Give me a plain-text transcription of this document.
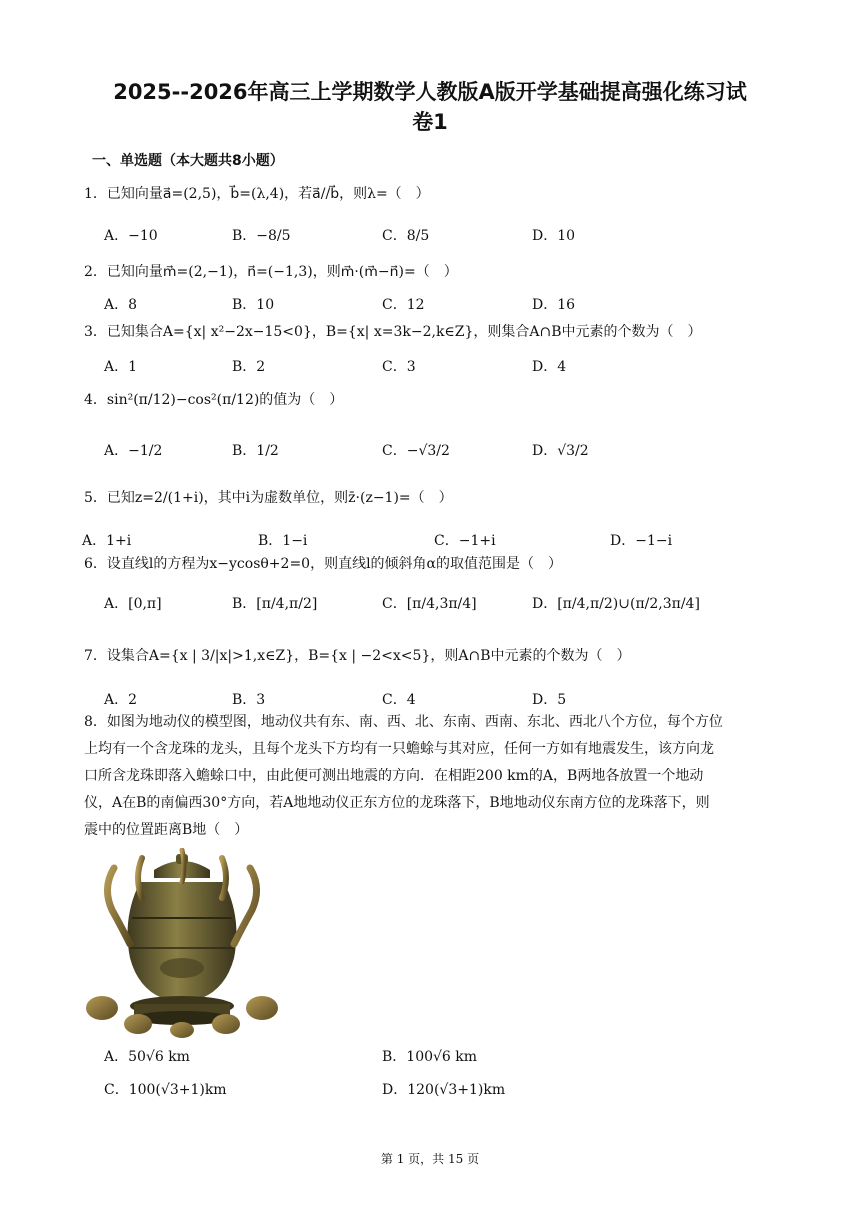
2025--2026年高三上学期数学人教版A版开学基础提高强化练习试
卷1
一、单选题（本大题共8小题）
1．已知向量a⃗=(2,5)，b⃗=(λ,4)，若a⃗//b⃗，则λ=（　）
A．−10	B．−8/5	C．8/5	D．10
2．已知向量m⃗=(2,−1)，n⃗=(−1,3)，则m⃗·(m⃗−n⃗)=（　）
A．8	B．10	C．12	D．16
3．已知集合A={x| x²−2x−15<0}，B={x| x=3k−2,k∈Z}，则集合A∩B中元素的个数为（　）
A．1	B．2	C．3	D．4
4．sin²(π/12)−cos²(π/12)的值为（　）
A．−1/2	B．1/2	C．−√3/2	D．√3/2
5．已知z=2/(1+i)，其中i为虚数单位，则z̄·(z−1)=（　）
A．1+i	B．1−i	C．−1+i	D．−1−i
6．设直线l的方程为x−ycosθ+2=0，则直线l的倾斜角α的取值范围是（　）
A．[0,π]	B．[π/4,π/2]	C．[π/4,3π/4]	D．[π/4,π/2)∪(π/2,3π/4]
7．设集合A={x | 3/|x|>1,x∈Z}，B={x | −2<x<5}，则A∩B中元素的个数为（　）
A．2	B．3	C．4	D．5
8．如图为地动仪的模型图，地动仪共有东、南、西、北、东南、西南、东北、西北八个方位，每个方位
上均有一个含龙珠的龙头，且每个龙头下方均有一只蟾蜍与其对应，任何一方如有地震发生，该方向龙
口所含龙珠即落入蟾蜍口中，由此便可测出地震的方向．在相距200 km的A，B两地各放置一个地动
仪，A在B的南偏西30°方向，若A地地动仪正东方位的龙珠落下，B地地动仪东南方位的龙珠落下，则
震中的位置距离B地（　）
A．50√6 km	B．100√6 km
C．100(√3+1)km	D．120(√3+1)km
第 1 页，共 15 页
